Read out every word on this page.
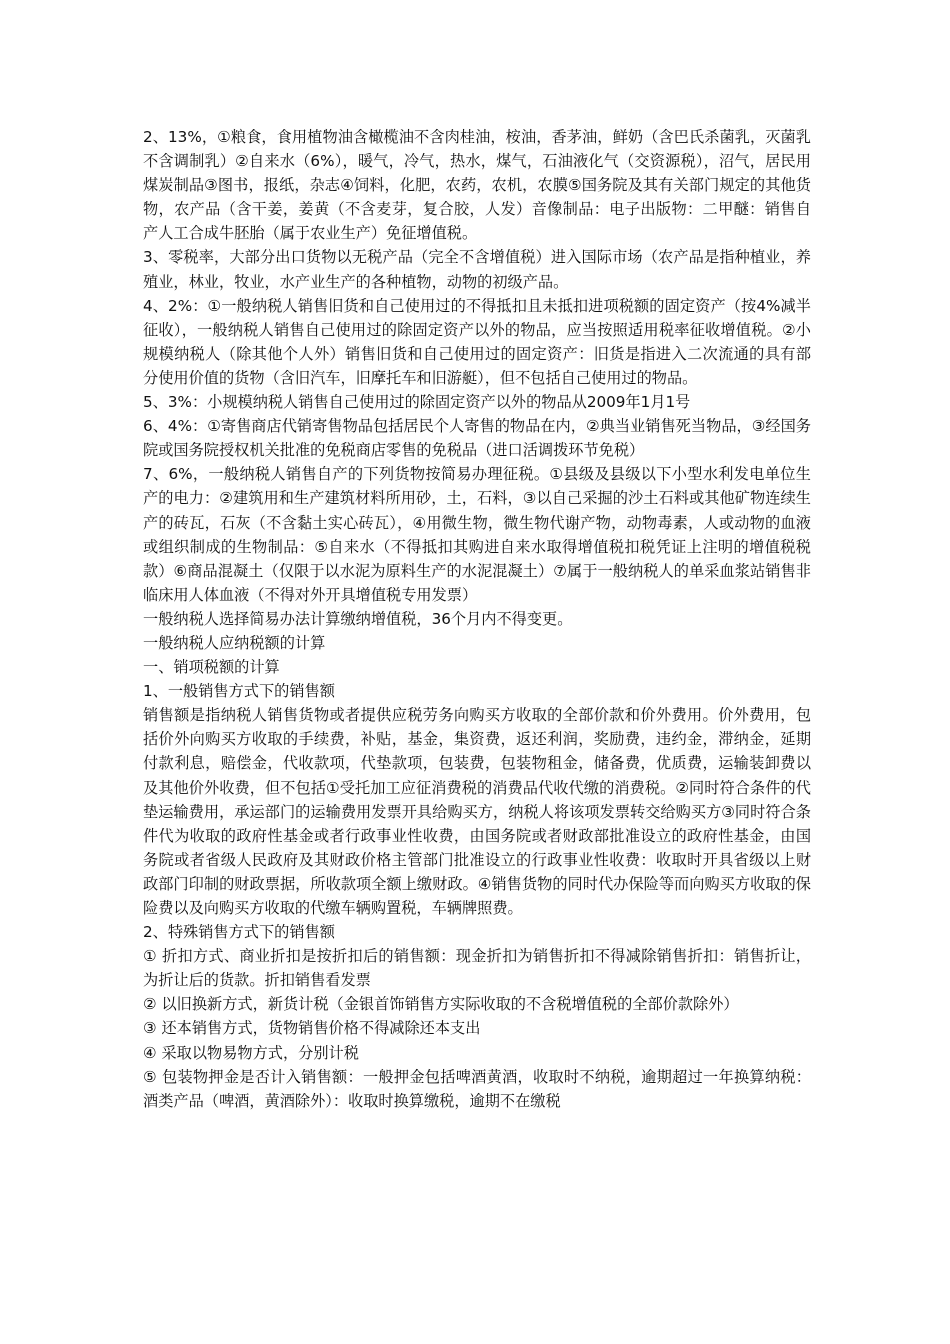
2、13%，①粮食，食用植物油含橄榄油不含肉桂油，桉油，香茅油，鲜奶（含巴氏杀菌乳，灭菌乳不含调制乳）②自来水（6%），暖气，冷气，热水，煤气，石油液化气（交资源税），沼气，居民用煤炭制品③图书，报纸，杂志④饲料，化肥，农药，农机，农膜⑤国务院及其有关部门规定的其他货物，农产品（含干姜，姜黄（不含麦芽，复合胶，人发）音像制品：电子出版物：二甲醚：销售自产人工合成牛胚胎（属于农业生产）免征增值税。

3、零税率，大部分出口货物以无税产品（完全不含增值税）进入国际市场（农产品是指种植业，养殖业，林业，牧业，水产业生产的各种植物，动物的初级产品。

4、2%：①一般纳税人销售旧货和自己使用过的不得抵扣且未抵扣进项税额的固定资产（按4%减半征收），一般纳税人销售自己使用过的除固定资产以外的物品，应当按照适用税率征收增值税。②小规模纳税人（除其他个人外）销售旧货和自己使用过的固定资产：旧货是指进入二次流通的具有部分使用价值的货物（含旧汽车，旧摩托车和旧游艇），但不包括自己使用过的物品。

5、3%：小规模纳税人销售自己使用过的除固定资产以外的物品从2009年1月1号

6、4%：①寄售商店代销寄售物品包括居民个人寄售的物品在内，②典当业销售死当物品，③经国务院或国务院授权机关批准的免税商店零售的免税品（进口活调拨环节免税）

7、6%，一般纳税人销售自产的下列货物按简易办理征税。①县级及县级以下小型水利发电单位生产的电力：②建筑用和生产建筑材料所用砂，土，石料，③以自己采掘的沙土石料或其他矿物连续生产的砖瓦，石灰（不含黏土实心砖瓦），④用微生物，微生物代谢产物，动物毒素，人或动物的血液或组织制成的生物制品：⑤自来水（不得抵扣其购进自来水取得增值税扣税凭证上注明的增值税税款）⑥商品混凝土（仅限于以水泥为原料生产的水泥混凝土）⑦属于一般纳税人的单采血浆站销售非临床用人体血液（不得对外开具增值税专用发票）

一般纳税人选择简易办法计算缴纳增值税，36个月内不得变更。

一般纳税人应纳税额的计算

一、销项税额的计算

1、一般销售方式下的销售额

销售额是指纳税人销售货物或者提供应税劳务向购买方收取的全部价款和价外费用。价外费用，包括价外向购买方收取的手续费，补贴，基金，集资费，返还利润，奖励费，违约金，滞纳金，延期付款利息，赔偿金，代收款项，代垫款项，包装费，包装物租金，储备费，优质费，运输装卸费以及其他价外收费，但不包括①受托加工应征消费税的消费品代收代缴的消费税。②同时符合条件的代垫运输费用，承运部门的运输费用发票开具给购买方，纳税人将该项发票转交给购买方③同时符合条件代为收取的政府性基金或者行政事业性收费，由国务院或者财政部批准设立的政府性基金，由国务院或者省级人民政府及其财政价格主管部门批准设立的行政事业性收费：收取时开具省级以上财政部门印制的财政票据，所收款项全额上缴财政。④销售货物的同时代办保险等而向购买方收取的保险费以及向购买方收取的代缴车辆购置税，车辆牌照费。

2、特殊销售方式下的销售额

① 折扣方式、商业折扣是按折扣后的销售额：现金折扣为销售折扣不得减除销售折扣：销售折让，为折让后的货款。折扣销售看发票

② 以旧换新方式，新货计税（金银首饰销售方实际收取的不含税增值税的全部价款除外）

③ 还本销售方式，货物销售价格不得减除还本支出

④ 采取以物易物方式，分别计税

⑤ 包装物押金是否计入销售额：一般押金包括啤酒黄酒，收取时不纳税，逾期超过一年换算纳税：酒类产品（啤酒，黄酒除外）：收取时换算缴税，逾期不在缴税
